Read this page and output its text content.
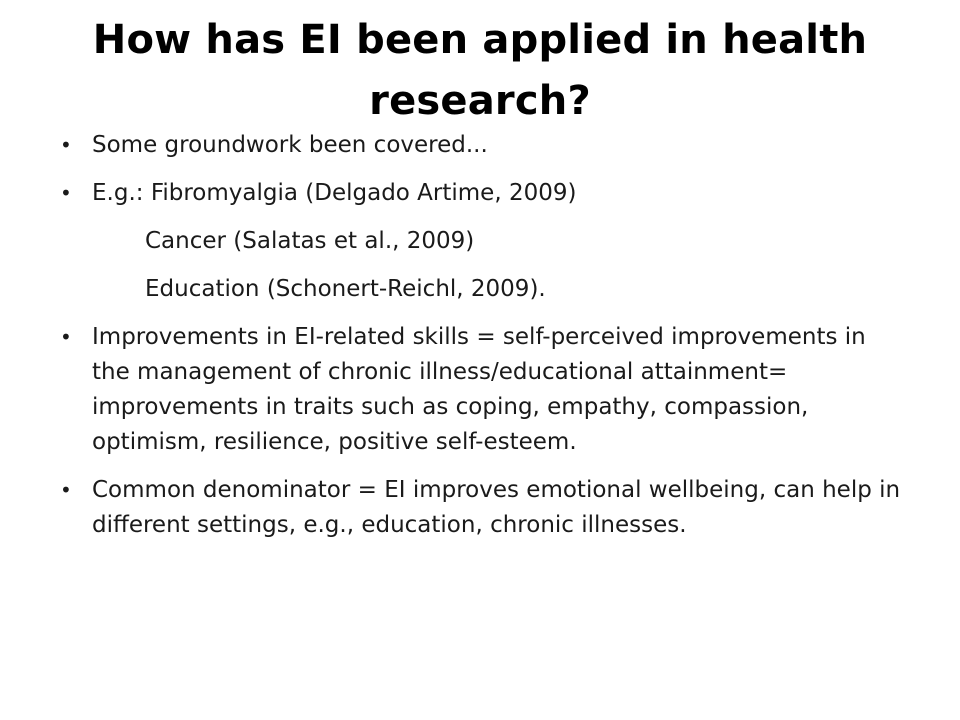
How has EI been applied in health research?
• Some groundwork been covered...
• E.g.: Fibromyalgia (Delgado Artime, 2009)
Cancer (Salatas et al., 2009)
Education (Schonert-Reichl, 2009).
• Improvements in EI-related skills = self-perceived improvements in the management of chronic illness/educational attainment= improvements in traits such as coping, empathy, compassion, optimism, resilience, positive self-esteem.
• Common denominator = EI improves emotional wellbeing, can help in different settings, e.g., education, chronic illnesses.
